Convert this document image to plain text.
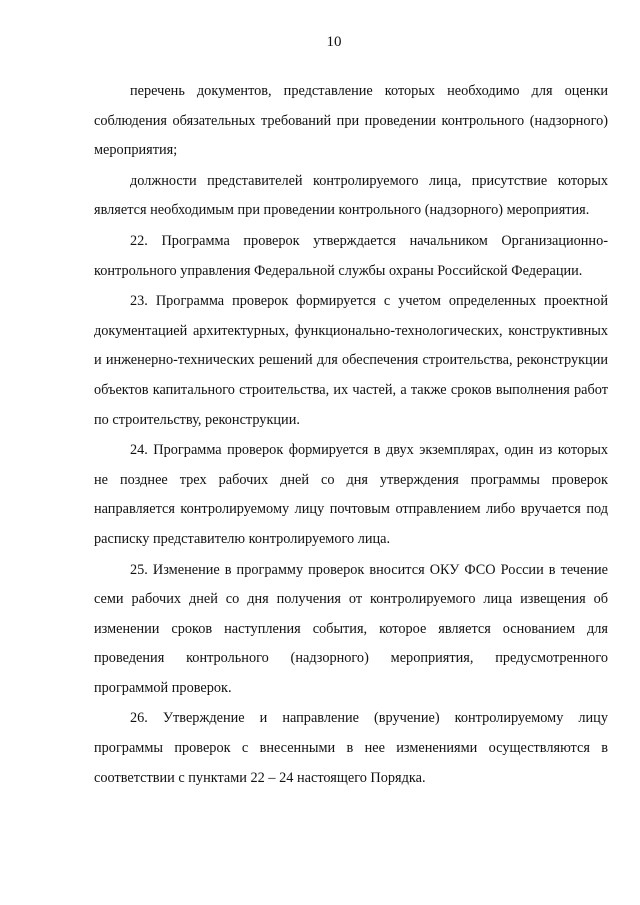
10

перечень документов, представление которых необходимо для оценки соблюдения обязательных требований при проведении контрольного (надзорного) мероприятия;

должности представителей контролируемого лица, присутствие которых является необходимым при проведении контрольного (надзорного) мероприятия.

22. Программа проверок утверждается начальником Организационно-контрольного управления Федеральной службы охраны Российской Федерации.

23. Программа проверок формируется с учетом определенных проектной документацией архитектурных, функционально-технологических, конструктивных и инженерно-технических решений для обеспечения строительства, реконструкции объектов капитального строительства, их частей, а также сроков выполнения работ по строительству, реконструкции.

24. Программа проверок формируется в двух экземплярах, один из которых не позднее трех рабочих дней со дня утверждения программы проверок направляется контролируемому лицу почтовым отправлением либо вручается под расписку представителю контролируемого лица.

25. Изменение в программу проверок вносится ОКУ ФСО России в течение семи рабочих дней со дня получения от контролируемого лица извещения об изменении сроков наступления события, которое является основанием для проведения контрольного (надзорного) мероприятия, предусмотренного программой проверок.

26. Утверждение и направление (вручение) контролируемому лицу программы проверок с внесенными в нее изменениями осуществляются в соответствии с пунктами 22 – 24 настоящего Порядка.
